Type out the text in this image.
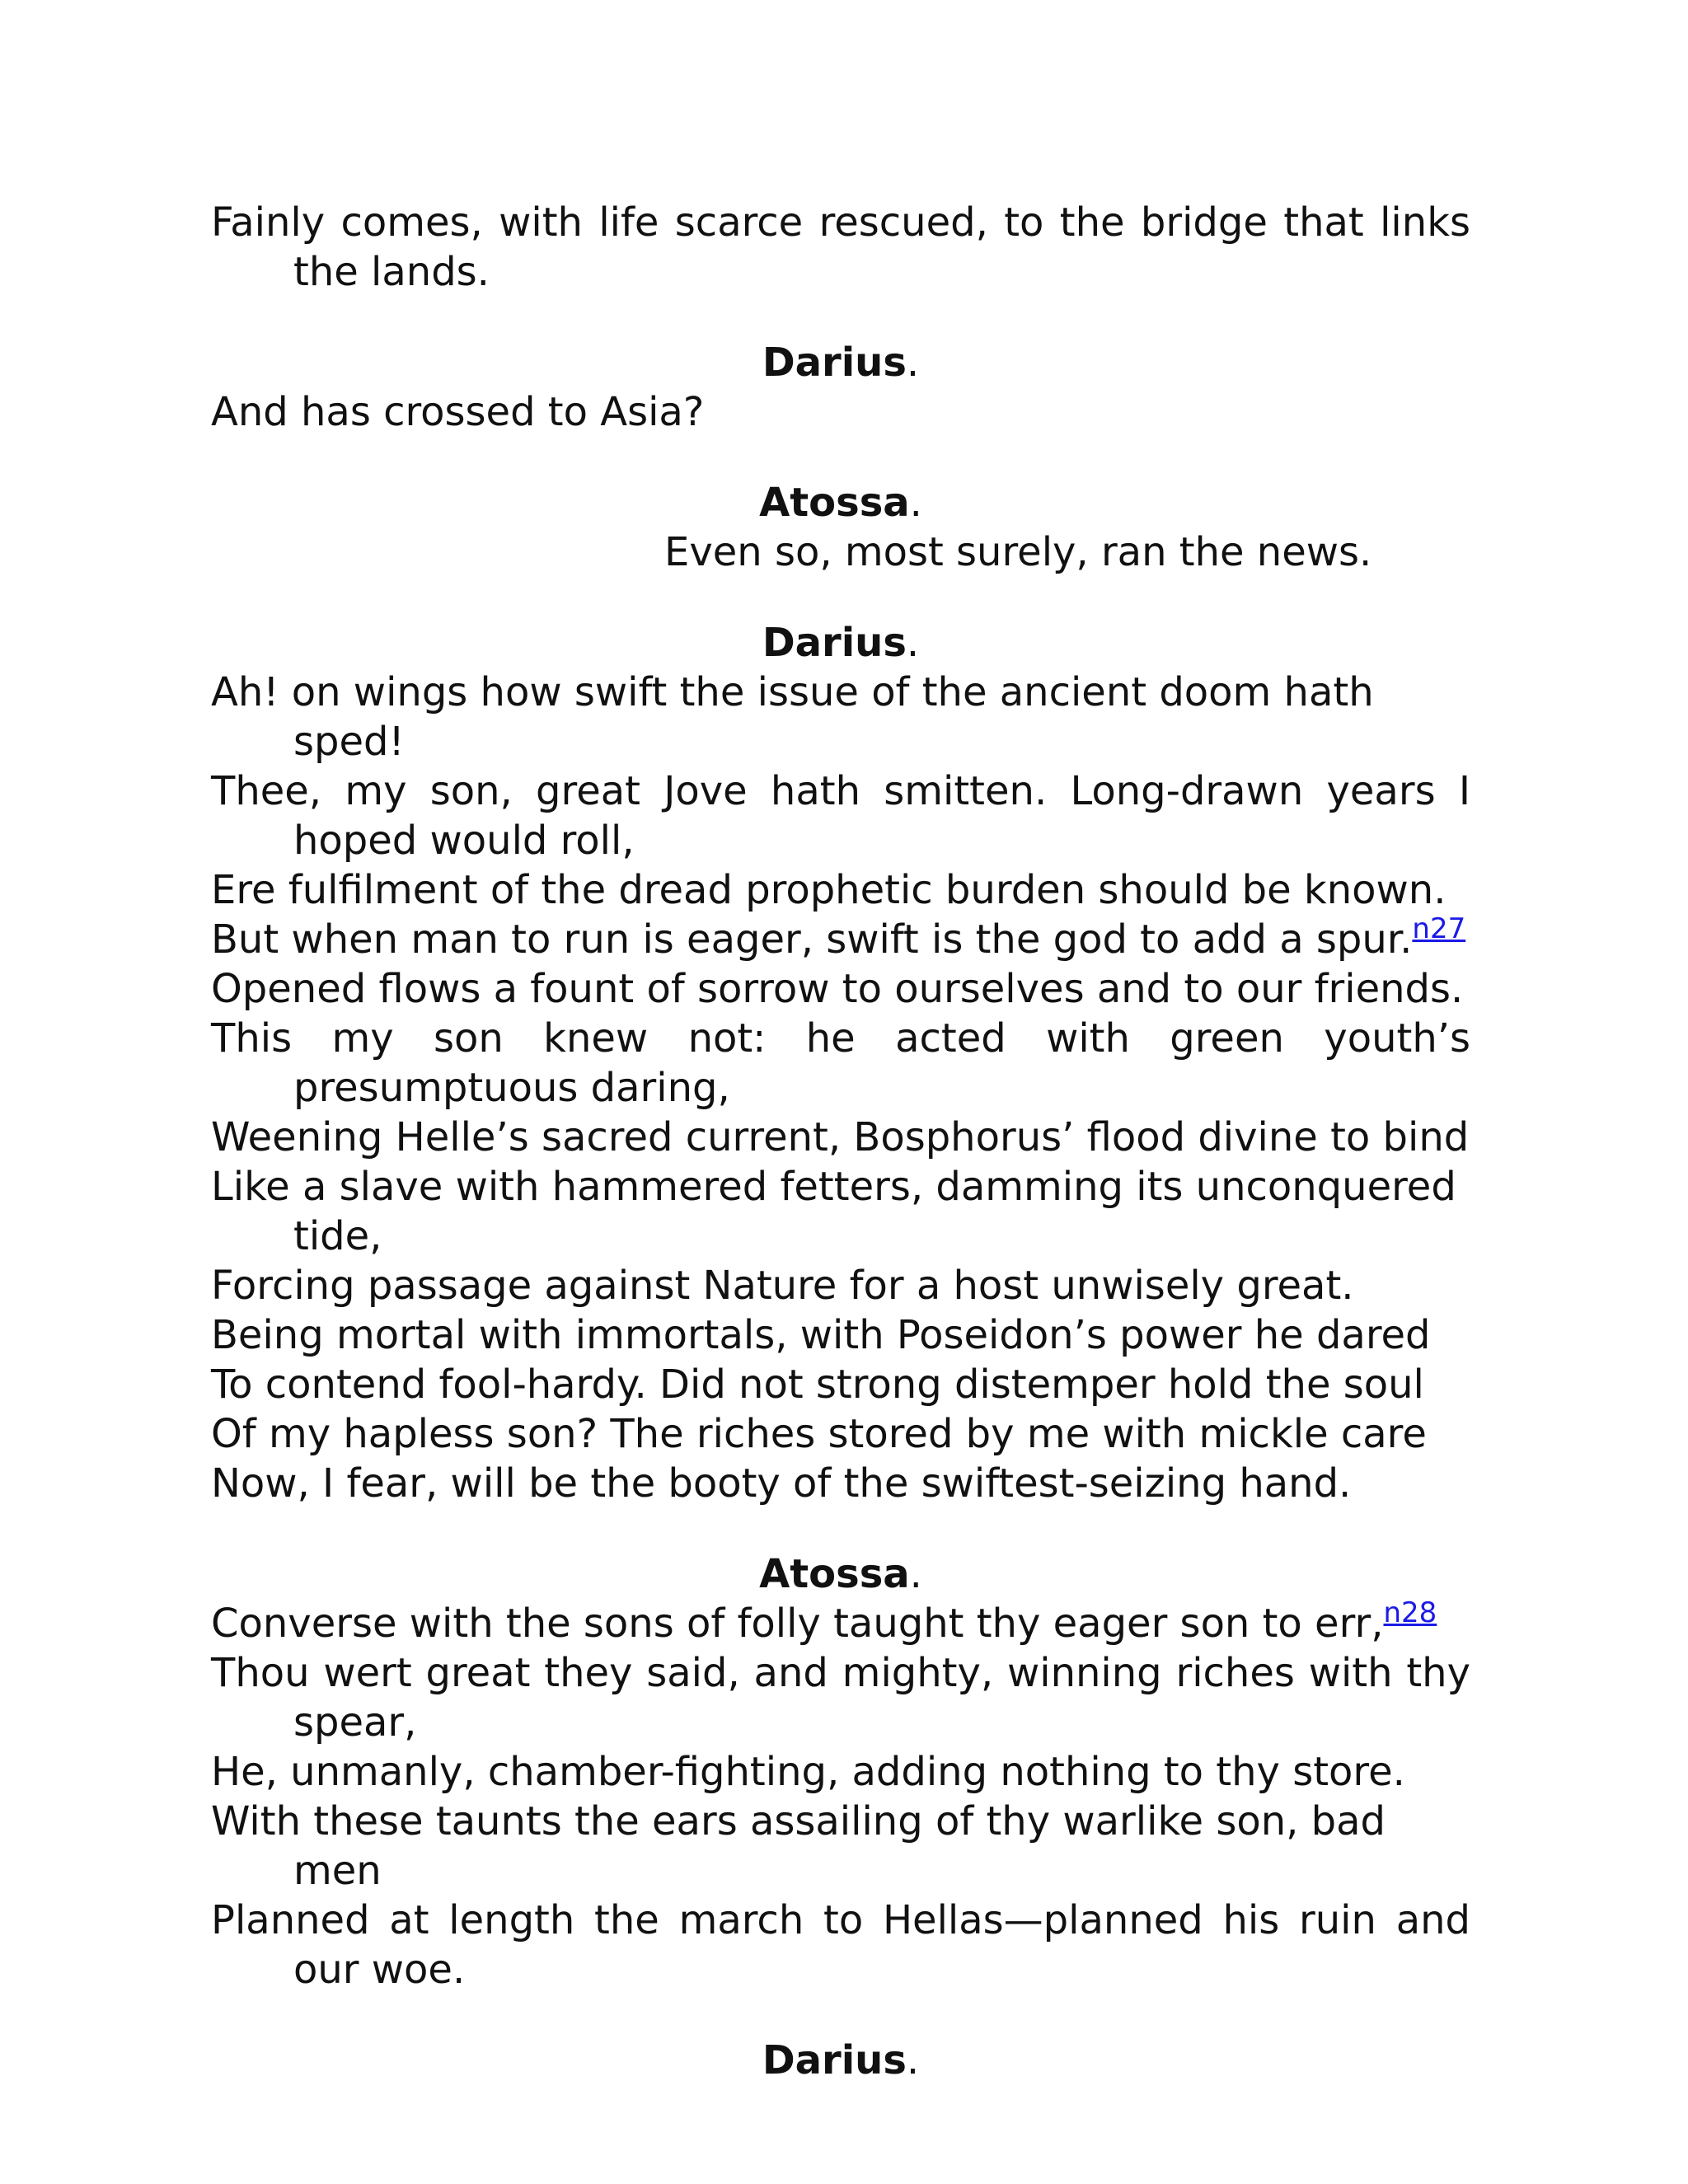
Fainly comes, with life scarce rescued, to the bridge that links the lands.

Darius.

And has crossed to Asia?

Atossa.

Even so, most surely, ran the news.

Darius.

Ah! on wings how swift the issue of the ancient doom hath sped!

Thee, my son, great Jove hath smitten. Long-drawn years I hoped would roll,

Ere fulfilment of the dread prophetic burden should be known.

But when man to run is eager, swift is the god to add a spur.$^{n27}$

Opened flows a fount of sorrow to ourselves and to our friends.

This my son knew not: he acted with green youth’s presumptuous daring,

Weening Helle’s sacred current, Bosphorus’ flood divine to bind

Like a slave with hammered fetters, damming its unconquered tide,

Forcing passage against Nature for a host unwisely great.

Being mortal with immortals, with Poseidon’s power he dared

To contend fool-hardy. Did not strong distemper hold the soul

Of my hapless son? The riches stored by me with mickle care

Now, I fear, will be the booty of the swiftest-seizing hand.

Atossa.

Converse with the sons of folly taught thy eager son to err,$^{n28}$

Thou wert great they said, and mighty, winning riches with thy spear,

He, unmanly, chamber-fighting, adding nothing to thy store.

With these taunts the ears assailing of thy warlike son, bad men

Planned at length the march to Hellas—planned his ruin and our woe.

Darius.
